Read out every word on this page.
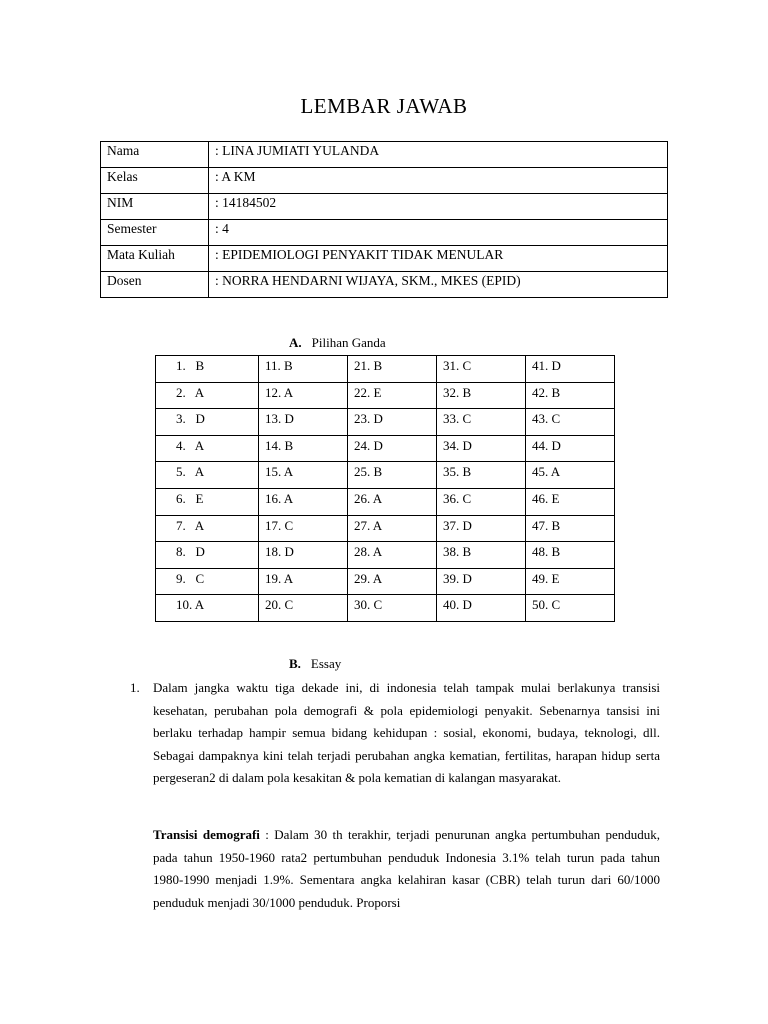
LEMBAR JAWAB
Nama	: LINA JUMIATI YULANDA
Kelas	: A KM
NIM	: 14184502
Semester	: 4
Mata Kuliah	: EPIDEMIOLOGI PENYAKIT TIDAK MENULAR
Dosen	: NORRA HENDARNI WIJAYA, SKM., MKES (EPID)
A. Pilihan Ganda
1.   B	11. B	21. B	31. C	41. D
2.   A	12. A	22. E	32. B	42. B
3.   D	13. D	23. D	33. C	43. C
4.   A	14. B	24. D	34. D	44. D
5.   A	15. A	25. B	35. B	45. A
6.   E	16. A	26. A	36. C	46. E
7.   A	17. C	27. A	37. D	47. B
8.   D	18. D	28. A	38. B	48. B
9.   C	19. A	29. A	39. D	49. E
10. A	20. C	30. C	40. D	50. C
B. Essay
1. Dalam jangka waktu tiga dekade ini, di indonesia telah tampak mulai berlakunya transisi kesehatan, perubahan pola demografi & pola epidemiologi penyakit. Sebenarnya tansisi ini berlaku terhadap hampir semua bidang kehidupan : sosial, ekonomi, budaya, teknologi, dll. Sebagai dampaknya kini telah terjadi perubahan angka kematian, fertilitas, harapan hidup serta pergeseran2 di dalam pola kesakitan & pola kematian di kalangan masyarakat.

Transisi demografi : Dalam 30 th terakhir, terjadi penurunan angka pertumbuhan penduduk, pada tahun 1950-1960 rata2 pertumbuhan penduduk Indonesia 3.1% telah turun pada tahun 1980-1990 menjadi 1.9%. Sementara angka kelahiran kasar (CBR) telah turun dari 60/1000 penduduk menjadi 30/1000 penduduk. Proporsi
